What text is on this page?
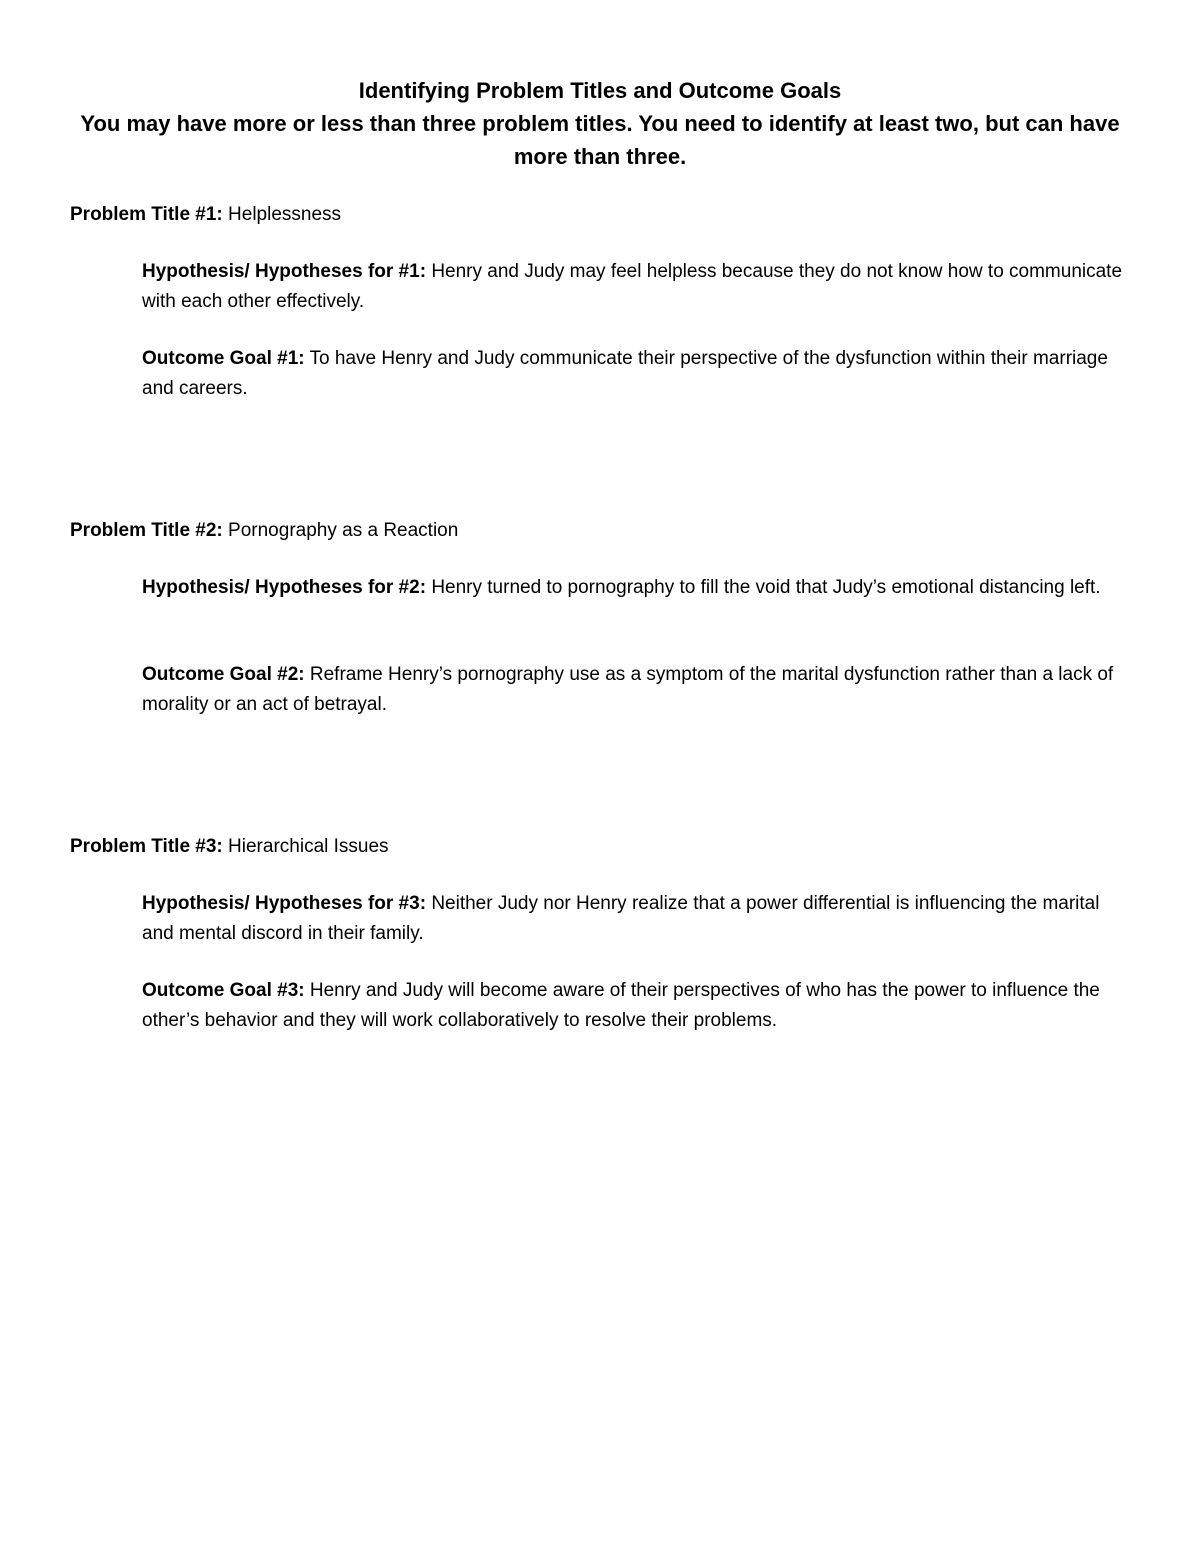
Identifying Problem Titles and Outcome Goals
You may have more or less than three problem titles. You need to identify at least two, but can have more than three.
Problem Title #1: Helplessness
Hypothesis/ Hypotheses for #1: Henry and Judy may feel helpless because they do not know how to communicate with each other effectively.
Outcome Goal #1: To have Henry and Judy communicate their perspective of the dysfunction within their marriage and careers.
Problem Title #2: Pornography as a Reaction
Hypothesis/ Hypotheses for #2: Henry turned to pornography to fill the void that Judy’s emotional distancing left.
Outcome Goal #2: Reframe Henry’s pornography use as a symptom of the marital dysfunction rather than a lack of morality or an act of betrayal.
Problem Title #3: Hierarchical Issues
Hypothesis/ Hypotheses for #3: Neither Judy nor Henry realize that a power differential is influencing the marital and mental discord in their family.
Outcome Goal #3: Henry and Judy will become aware of their perspectives of who has the power to influence the other’s behavior and they will work collaboratively to resolve their problems.
